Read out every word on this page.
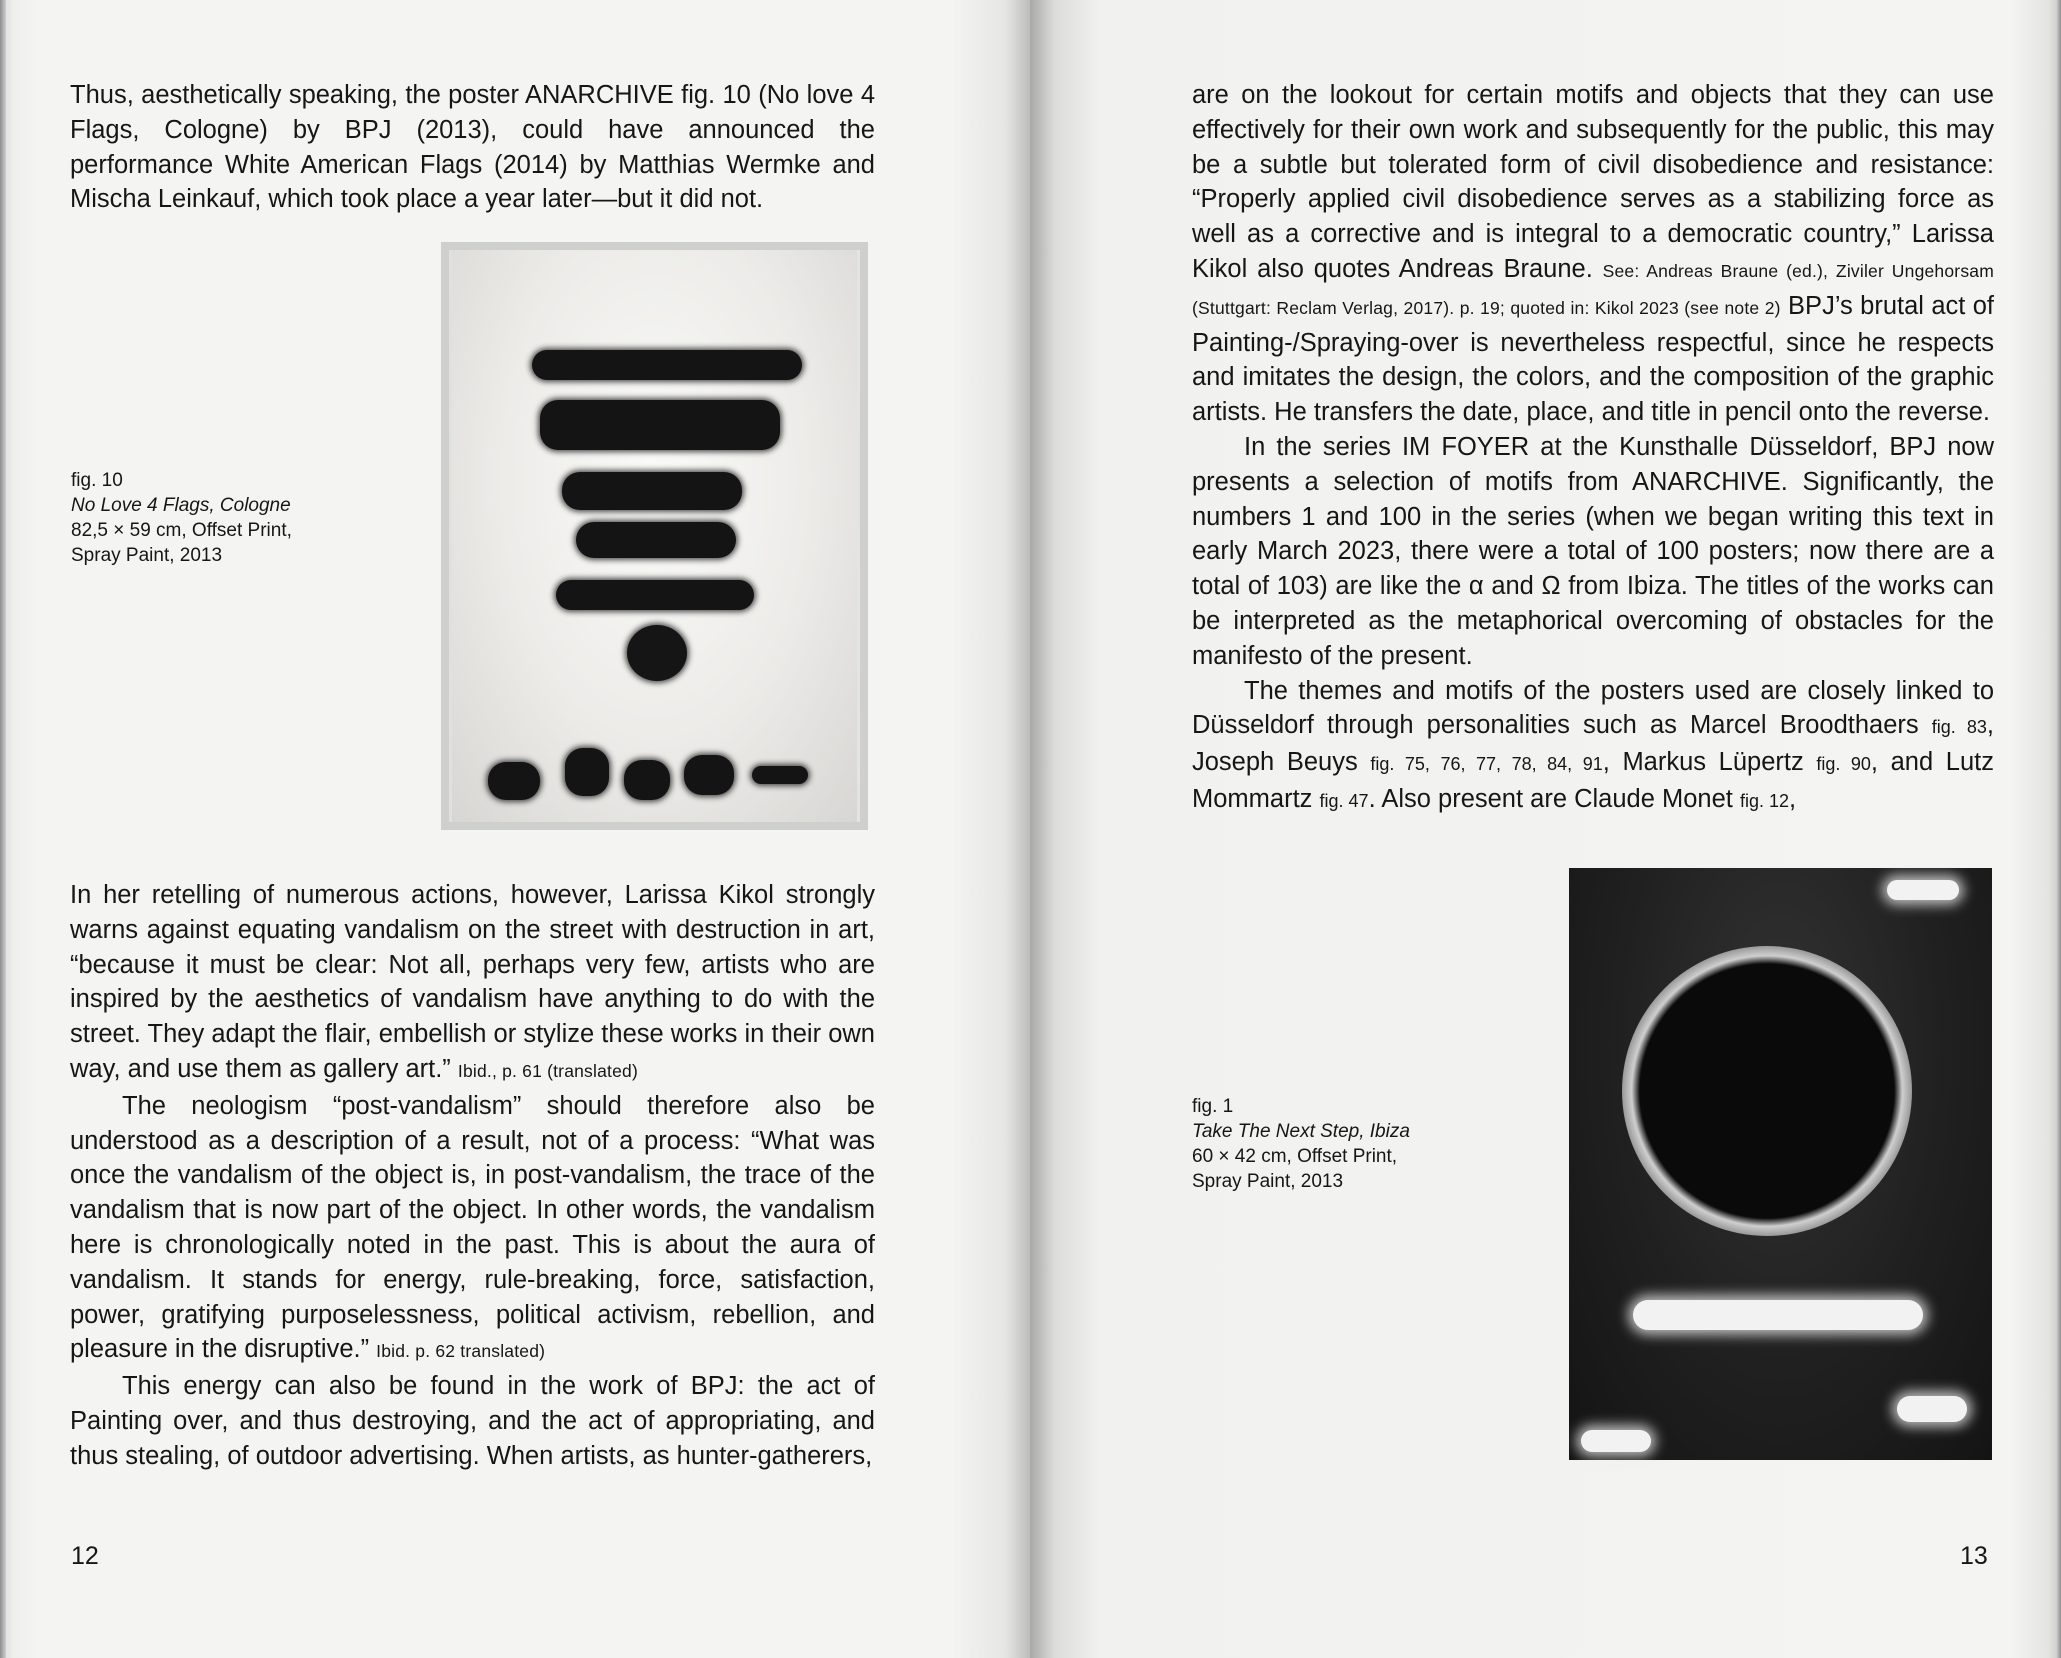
Thus, aesthetically speaking, the poster ANARCHIVE fig. 10 (No love 4 Flags, Cologne) by BPJ (2013), could have announced the performance White American Flags (2014) by Matthias Wermke and Mischa Leinkauf, which took place a year later—but it did not.

fig. 10
No Love 4 Flags, Cologne
82,5 × 59 cm, Offset Print,
Spray Paint, 2013

In her retelling of numerous actions, however, Larissa Kikol strongly warns against equating vandalism on the street with destruction in art, “because it must be clear: Not all, perhaps very few, artists who are inspired by the aesthetics of vandalism have anything to do with the street. They adapt the flair, embellish or stylize these works in their own way, and use them as gallery art.” Ibid., p. 61 (translated)

The neologism “post-vandalism” should therefore also be understood as a description of a result, not of a process: “What was once the vandalism of the object is, in post-vandalism, the trace of the vandalism that is now part of the object. In other words, the vandalism here is chronologically noted in the past. This is about the aura of vandalism. It stands for energy, rule-breaking, force, satisfaction, power, gratifying purposelessness, political activism, rebellion, and pleasure in the disruptive.” Ibid. p. 62 translated)

This energy can also be found in the work of BPJ: the act of Painting over, and thus destroying, and the act of appropriating, and thus stealing, of outdoor advertising. When artists, as hunter-gatherers,

12

are on the lookout for certain motifs and objects that they can use effectively for their own work and subsequently for the public, this may be a subtle but tolerated form of civil disobedience and resistance: “Properly applied civil disobedience serves as a stabilizing force as well as a corrective and is integral to a democratic country,” Larissa Kikol also quotes Andreas Braune. See: Andreas Braune (ed.), Ziviler Ungehorsam (Stuttgart: Reclam Verlag, 2017). p. 19; quoted in: Kikol 2023 (see note 2) BPJ’s brutal act of Painting-/Spraying-over is nevertheless respectful, since he respects and imitates the design, the colors, and the composition of the graphic artists. He transfers the date, place, and title in pencil onto the reverse.

In the series IM FOYER at the Kunsthalle Düsseldorf, BPJ now presents a selection of motifs from ANARCHIVE. Significantly, the numbers 1 and 100 in the series (when we began writing this text in early March 2023, there were a total of 100 posters; now there are a total of 103) are like the α and Ω from Ibiza. The titles of the works can be interpreted as the metaphorical overcoming of obstacles for the manifesto of the present.

The themes and motifs of the posters used are closely linked to Düsseldorf through personalities such as Marcel Broodthaers fig. 83, Joseph Beuys fig. 75, 76, 77, 78, 84, 91, Markus Lüpertz fig. 90, and Lutz Mommartz fig. 47. Also present are Claude Monet fig. 12,

fig. 1
Take The Next Step, Ibiza
60 × 42 cm, Offset Print,
Spray Paint, 2013
13
